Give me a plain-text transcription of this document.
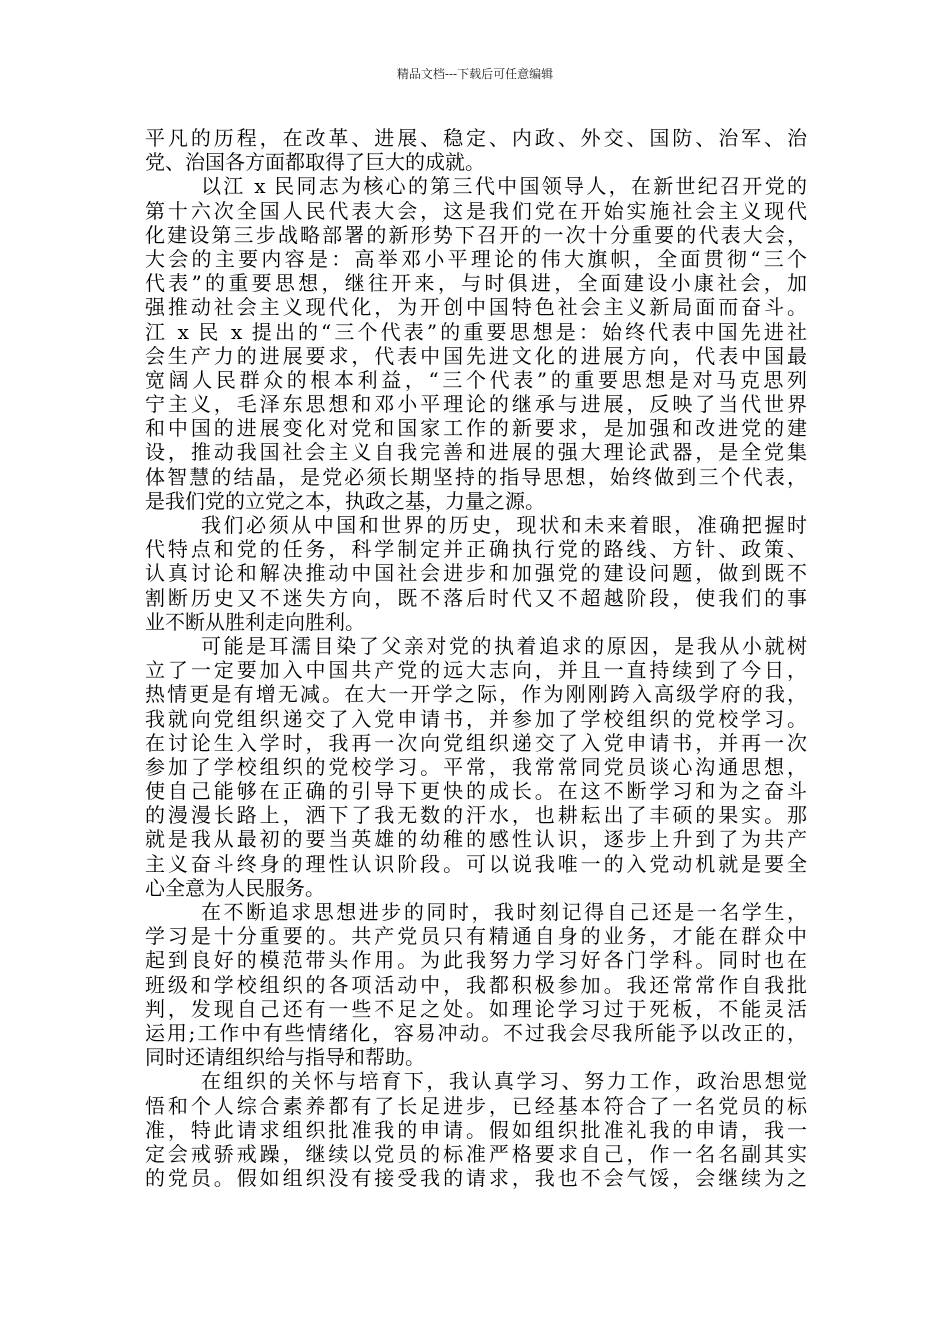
精品文档---下载后可任意编辑
平凡的历程，在改革、进展、稳定、内政、外交、国防、治军、治
党、治国各方面都取得了巨大的成就。
以江 x 民同志为核心的第三代中国领导人，在新世纪召开党的
第十六次全国人民代表大会，这是我们党在开始实施社会主义现代
化建设第三步战略部署的新形势下召开的一次十分重要的代表大会，
大会的主要内容是：高举邓小平理论的伟大旗帜，全面贯彻“三个
代表”的重要思想，继往开来，与时俱进，全面建设小康社会，加
强推动社会主义现代化，为开创中国特色社会主义新局面而奋斗。
江 x 民 x 提出的“三个代表”的重要思想是：始终代表中国先进社
会生产力的进展要求，代表中国先进文化的进展方向，代表中国最
宽阔人民群众的根本利益，“三个代表”的重要思想是对马克思列
宁主义，毛泽东思想和邓小平理论的继承与进展，反映了当代世界
和中国的进展变化对党和国家工作的新要求，是加强和改进党的建
设，推动我国社会主义自我完善和进展的强大理论武器，是全党集
体智慧的结晶，是党必须长期坚持的指导思想，始终做到三个代表，
是我们党的立党之本，执政之基，力量之源。
我们必须从中国和世界的历史，现状和未来着眼，准确把握时
代特点和党的任务，科学制定并正确执行党的路线、方针、政策、
认真讨论和解决推动中国社会进步和加强党的建设问题，做到既不
割断历史又不迷失方向，既不落后时代又不超越阶段，使我们的事
业不断从胜利走向胜利。
可能是耳濡目染了父亲对党的执着追求的原因，是我从小就树
立了一定要加入中国共产党的远大志向，并且一直持续到了今日，
热情更是有增无减。在大一开学之际，作为刚刚跨入高级学府的我，
我就向党组织递交了入党申请书，并参加了学校组织的党校学习。
在讨论生入学时，我再一次向党组织递交了入党申请书，并再一次
参加了学校组织的党校学习。平常，我常常同党员谈心沟通思想，
使自己能够在正确的引导下更快的成长。在这不断学习和为之奋斗
的漫漫长路上，洒下了我无数的汗水，也耕耘出了丰硕的果实。那
就是我从最初的要当英雄的幼稚的感性认识，逐步上升到了为共产
主义奋斗终身的理性认识阶段。可以说我唯一的入党动机就是要全
心全意为人民服务。
在不断追求思想进步的同时，我时刻记得自己还是一名学生，
学习是十分重要的。共产党员只有精通自身的业务，才能在群众中
起到良好的模范带头作用。为此我努力学习好各门学科。同时也在
班级和学校组织的各项活动中，我都积极参加。我还常常作自我批
判，发现自己还有一些不足之处。如理论学习过于死板，不能灵活
运用;工作中有些情绪化，容易冲动。不过我会尽我所能予以改正的，
同时还请组织给与指导和帮助。
在组织的关怀与培育下，我认真学习、努力工作，政治思想觉
悟和个人综合素养都有了长足进步，已经基本符合了一名党员的标
准，特此请求组织批准我的申请。假如组织批准礼我的申请，我一
定会戒骄戒躁，继续以党员的标准严格要求自己，作一名名副其实
的党员。假如组织没有接受我的请求，我也不会气馁，会继续为之
